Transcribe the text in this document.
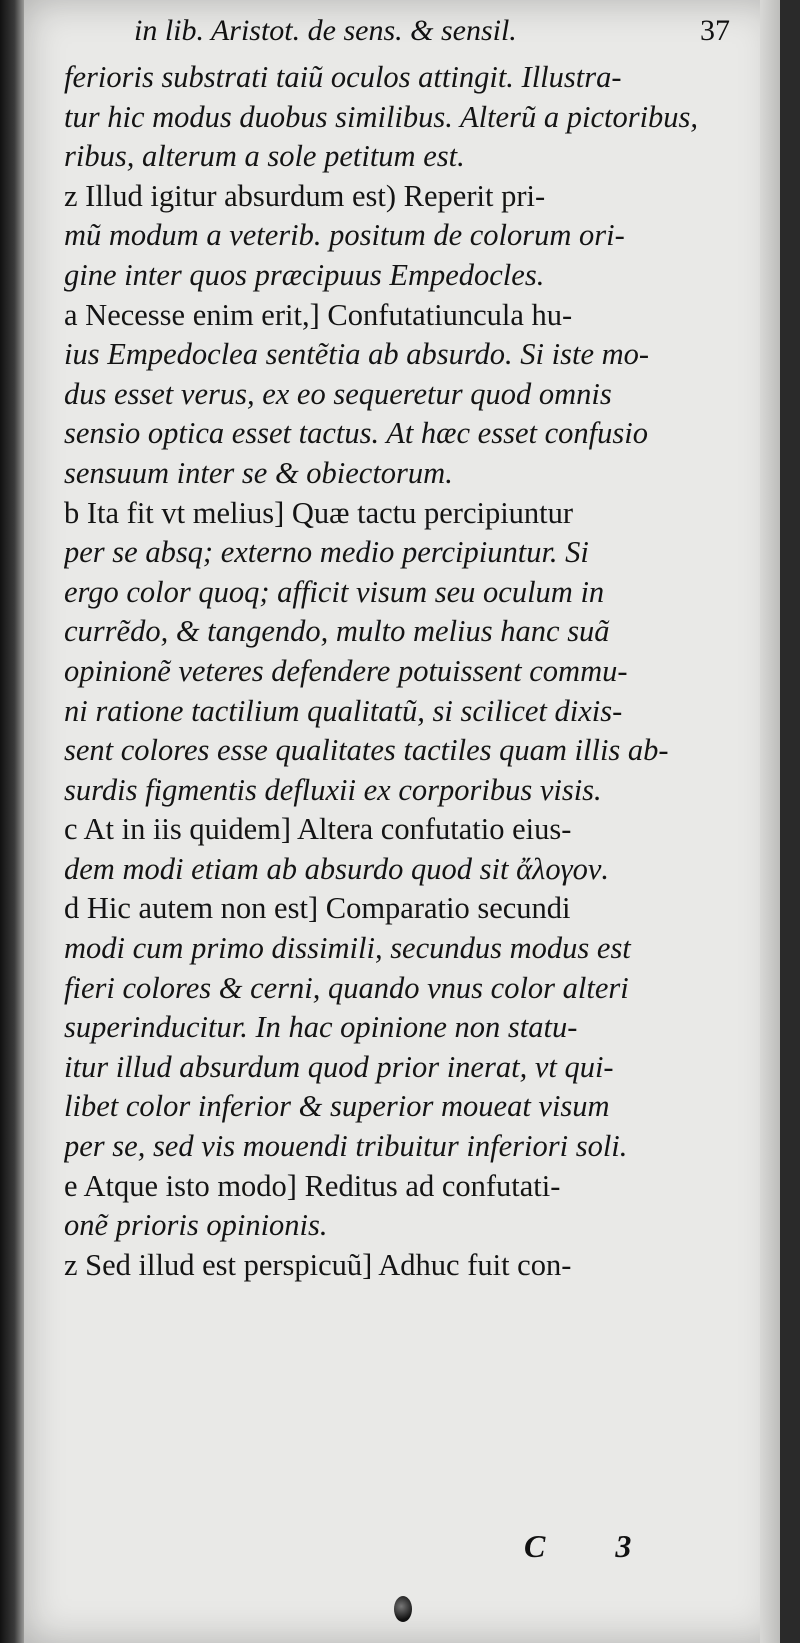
in lib. Aristot. de sens. & sensil.	37
ferioris substrati taiũ oculos attingit. Illustra-
tur hic modus duobus similibus. Alterũ a pictoribus,
ribus, alterum a sole petitum est.
z Illud igitur absurdum est) Reperit pri-
mũ modum a veterib. positum de colorum ori-
gine inter quos præcipuus Empedocles.
a Necesse enim erit,] Confutatiuncula hu-
ius Empedoclea sentẽtia ab absurdo. Si iste mo-
dus esset verus, ex eo sequeretur quod omnis
sensio optica esset tactus. At hæc esset confusio
sensuum inter se & obiectorum.
b Ita fit vt melius] Quæ tactu percipiuntur
per se absq; externo medio percipiuntur. Si
ergo color quoq; afficit visum seu oculum in
currẽdo, & tangendo, multo melius hanc suã
opinionẽ veteres defendere potuissent commu-
ni ratione tactilium qualitatũ, si scilicet dixis-
sent colores esse qualitates tactiles quam illis ab-
surdis figmentis defluxii ex corporibus visis.
c At in iis quidem] Altera confutatio eius-
dem modi etiam ab absurdo quod sit ἄλογον.
d Hic autem non est] Comparatio secundi
modi cum primo dissimili, secundus modus est
fieri colores & cerni, quando vnus color alteri
superinducitur. In hac opinione non statu-
itur illud absurdum quod prior inerat, vt qui-
libet color inferior & superior moueat visum
per se, sed vis mouendi tribuitur inferiori soli.
e Atque isto modo] Reditus ad confutati-
onẽ prioris opinionis.
z Sed illud est perspicuũ] Adhuc fuit con-
C 3
